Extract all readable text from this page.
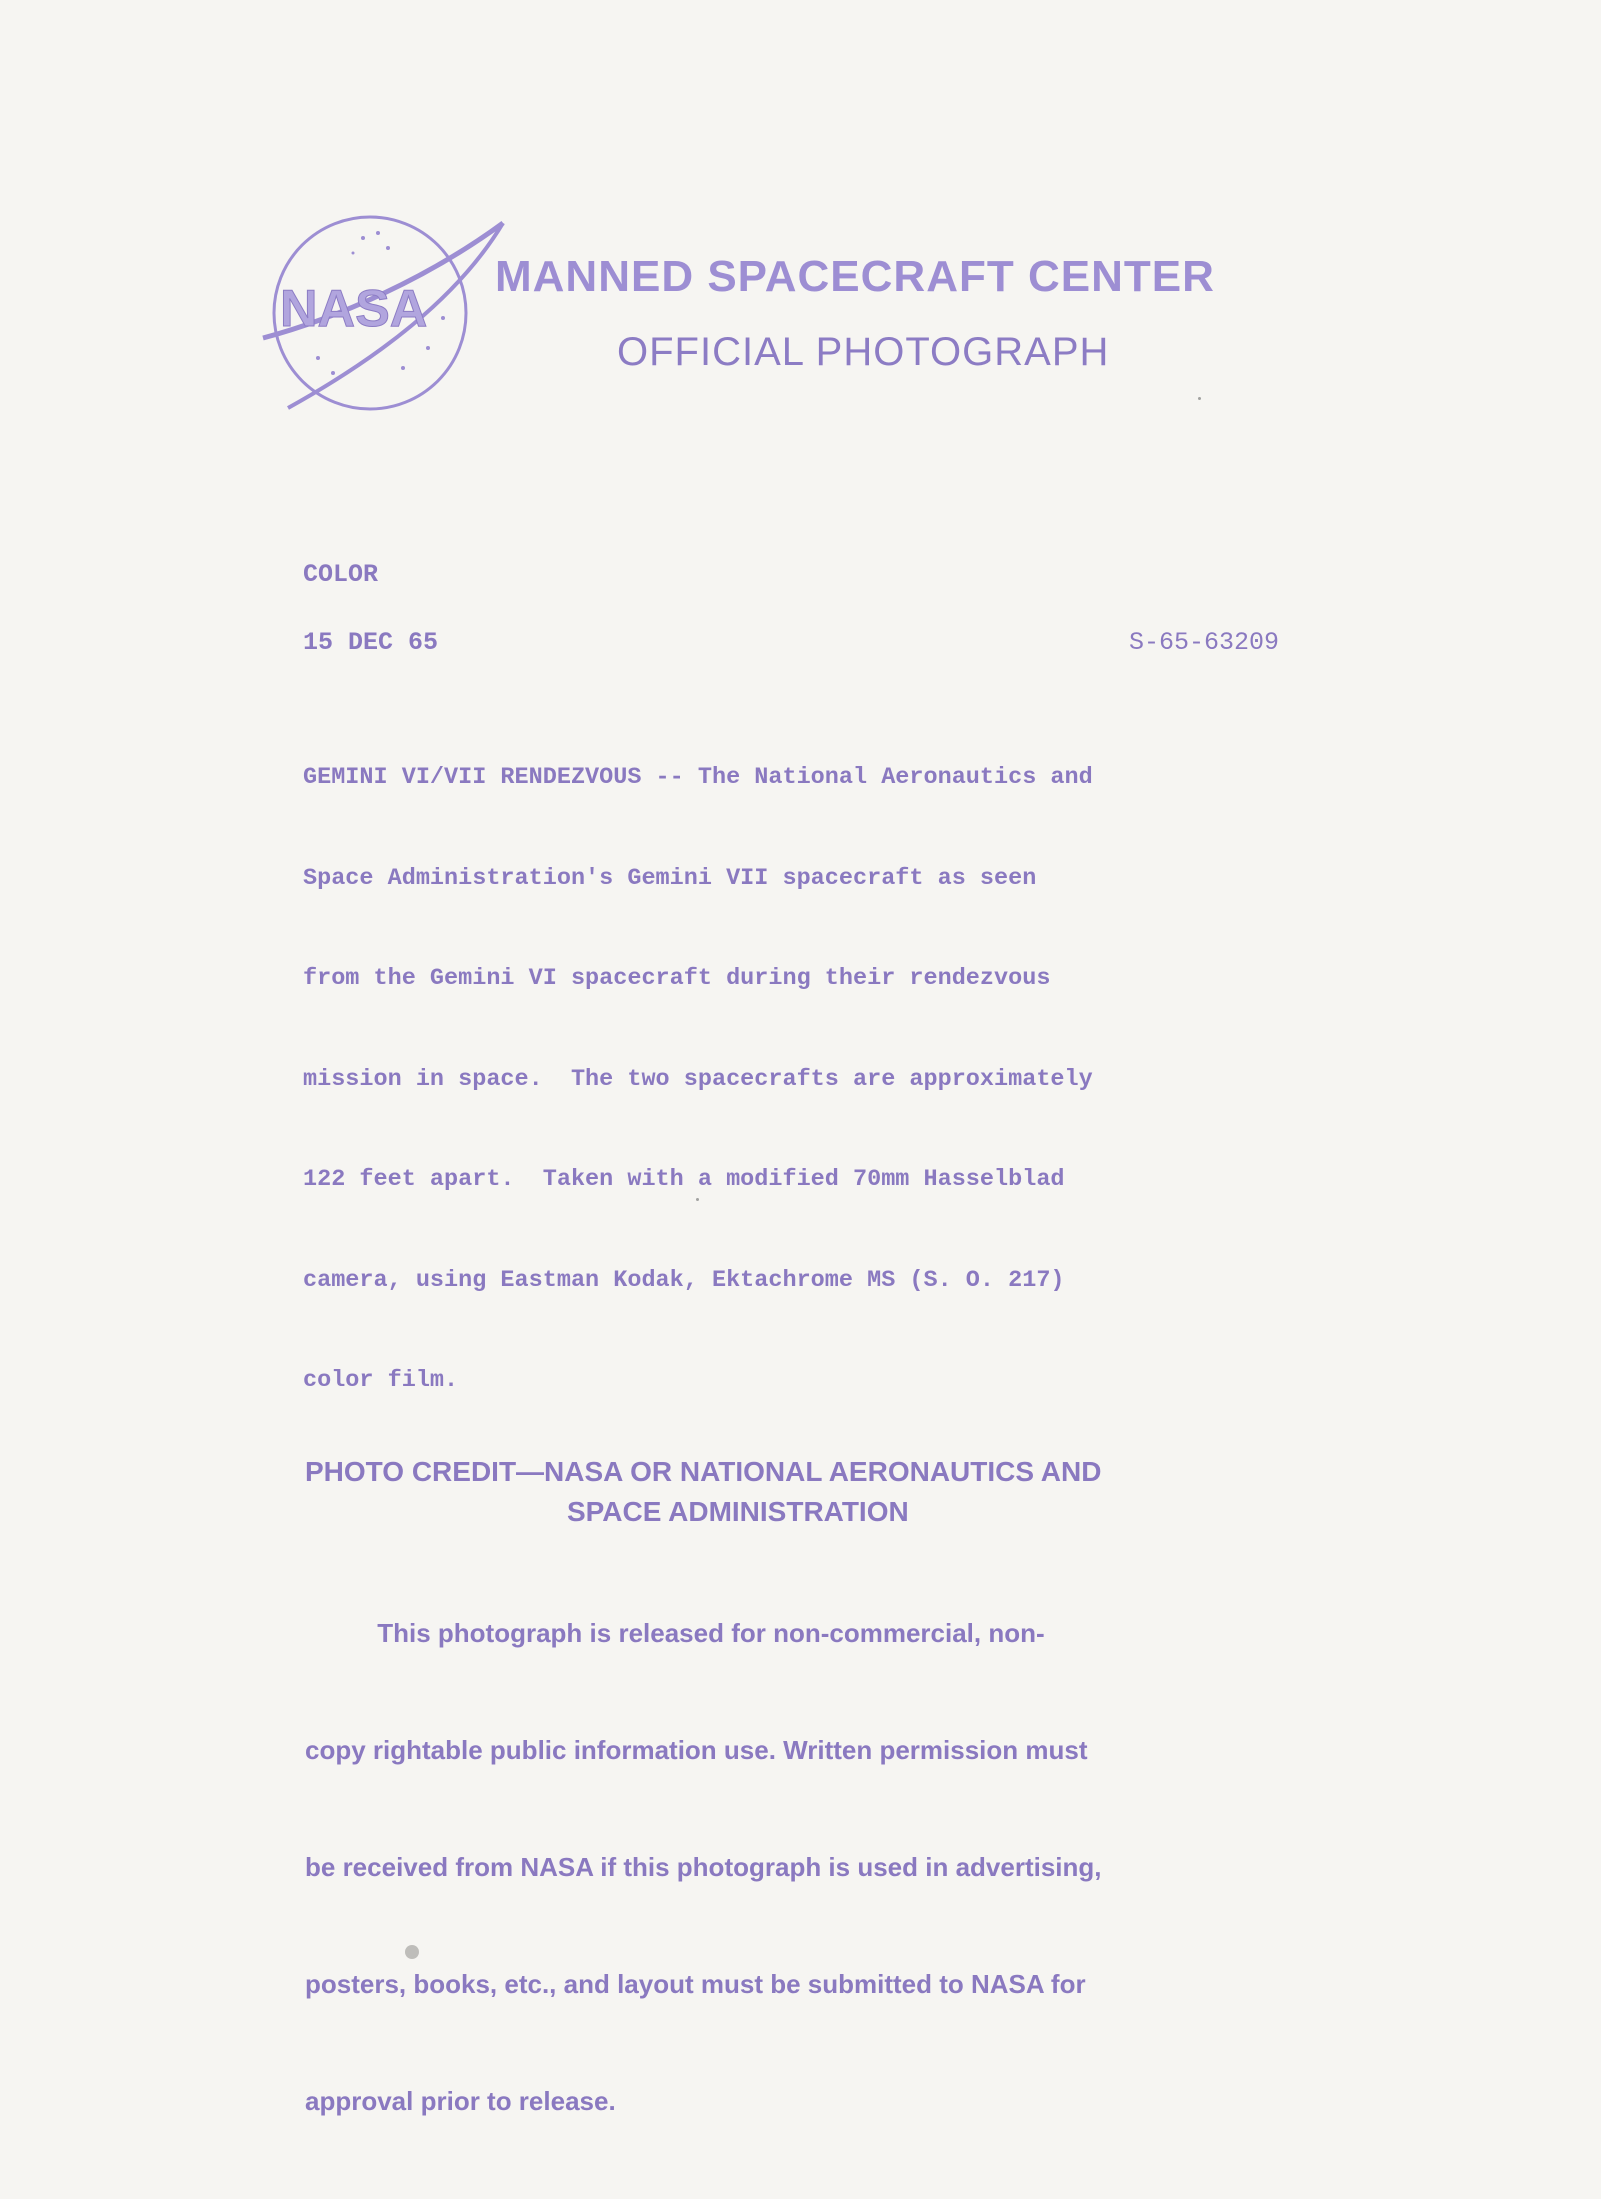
NASA
MANNED SPACECRAFT CENTER
OFFICIAL PHOTOGRAPH
COLOR
15 DEC 65	S-65-63209

GEMINI VI/VII RENDEZVOUS -- The National Aeronautics and

Space Administration's Gemini VII spacecraft as seen

from the Gemini VI spacecraft during their rendezvous

mission in space.  The two spacecrafts are approximately

122 feet apart.  Taken with a modified 70mm Hasselblad

camera, using Eastman Kodak, Ektachrome MS (S. O. 217)

color film.

PHOTO CREDIT—NASA OR NATIONAL AERONAUTICS AND
SPACE ADMINISTRATION

This photograph is released for non-commercial, non-

copy rightable public information use. Written permission must

be received from NASA if this photograph is used in advertising,

posters, books, etc., and layout must be submitted to NASA for

approval prior to release.
